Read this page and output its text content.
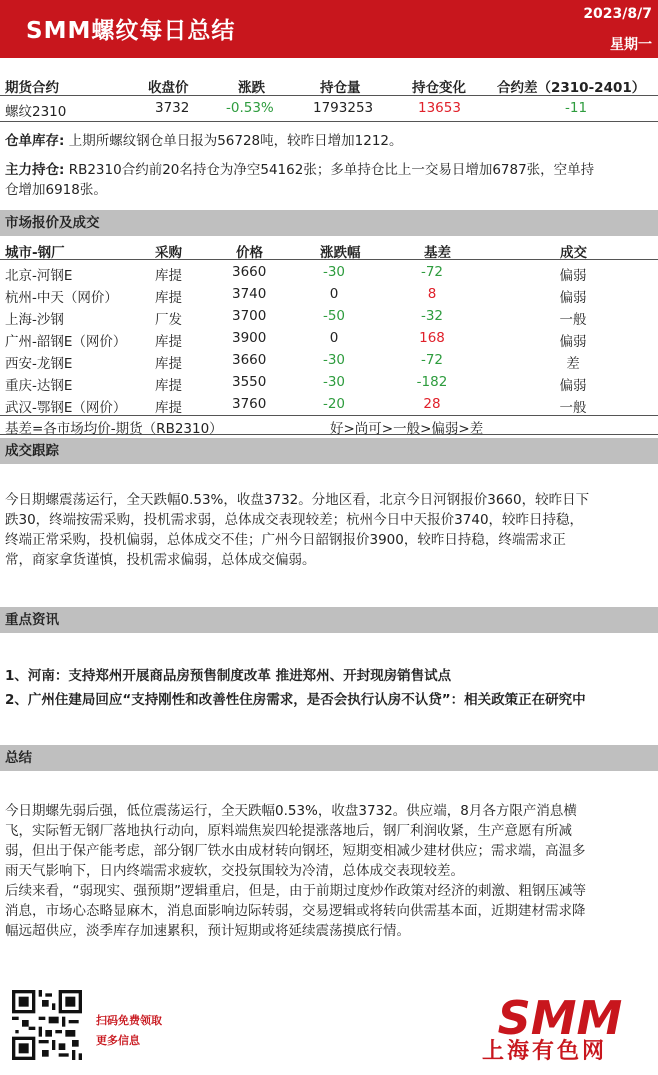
SMM螺纹每日总结
2023/8/7
星期一
期货合约	收盘价	涨跌	持仓量	持仓变化 合约差（2310-2401）
螺纹2310	3732	-0.53%	1793253	13653	-11
仓单库存: 上期所螺纹钢仓单日报为56728吨，较昨日增加1212。
主力持仓: RB2310合约前20名持仓为净空54162张；多单持仓比上一交易日增加6787张，空单持
仓增加6918张。
市场报价及成交
城市-钢厂	采购	价格	涨跌幅	基差	成交
北京-河钢E	库提	3660	-30	-72	偏弱
杭州-中天（网价）	库提	3740	0	8	偏弱
上海-沙钢	厂发	3700	-50	-32	一般
广州-韶钢E（网价） 库提	3900	0	168	偏弱
西安-龙钢E	库提	3660	-30	-72	差
重庆-达钢E	库提	3550	-30	-182	偏弱
武汉-鄂钢E（网价） 库提	3760	-20	28	一般
基差=各市场均价-期货（RB2310）	好>尚可>一般>偏弱>差
成交跟踪
今日期螺震荡运行，全天跌幅0.53%，收盘3732。分地区看，北京今日河钢报价3660，较昨日下
跌30，终端按需采购，投机需求弱，总体成交表现较差；杭州今日中天报价3740，较昨日持稳，
终端正常采购，投机偏弱，总体成交不佳；广州今日韶钢报价3900，较昨日持稳，终端需求正
常，商家拿货谨慎，投机需求偏弱，总体成交偏弱。
重点资讯
1、河南：支持郑州开展商品房预售制度改革 推进郑州、开封现房销售试点
2、广州住建局回应“支持刚性和改善性住房需求，是否会执行认房不认贷”：相关政策正在研究中
总结
今日期螺先弱后强，低位震荡运行，全天跌幅0.53%，收盘3732。供应端，8月各方限产消息横
飞，实际暂无钢厂落地执行动向，原料端焦炭四轮提涨落地后，钢厂利润收紧，生产意愿有所减
弱，但出于保产能考虑，部分钢厂铁水由成材转向钢坯，短期变相减少建材供应；需求端，高温多
雨天气影响下，日内终端需求疲软，交投氛围较为冷清，总体成交表现较差。
后续来看，“弱现实、强预期”逻辑重启，但是，由于前期过度炒作政策对经济的刺激、粗钢压减等
消息，市场心态略显麻木，消息面影响边际转弱，交易逻辑或将转向供需基本面，近期建材需求降
幅远超供应，淡季库存加速累积，预计短期或将延续震荡摸底行情。
扫码免费领取
更多信息	SMM
上海有色网
